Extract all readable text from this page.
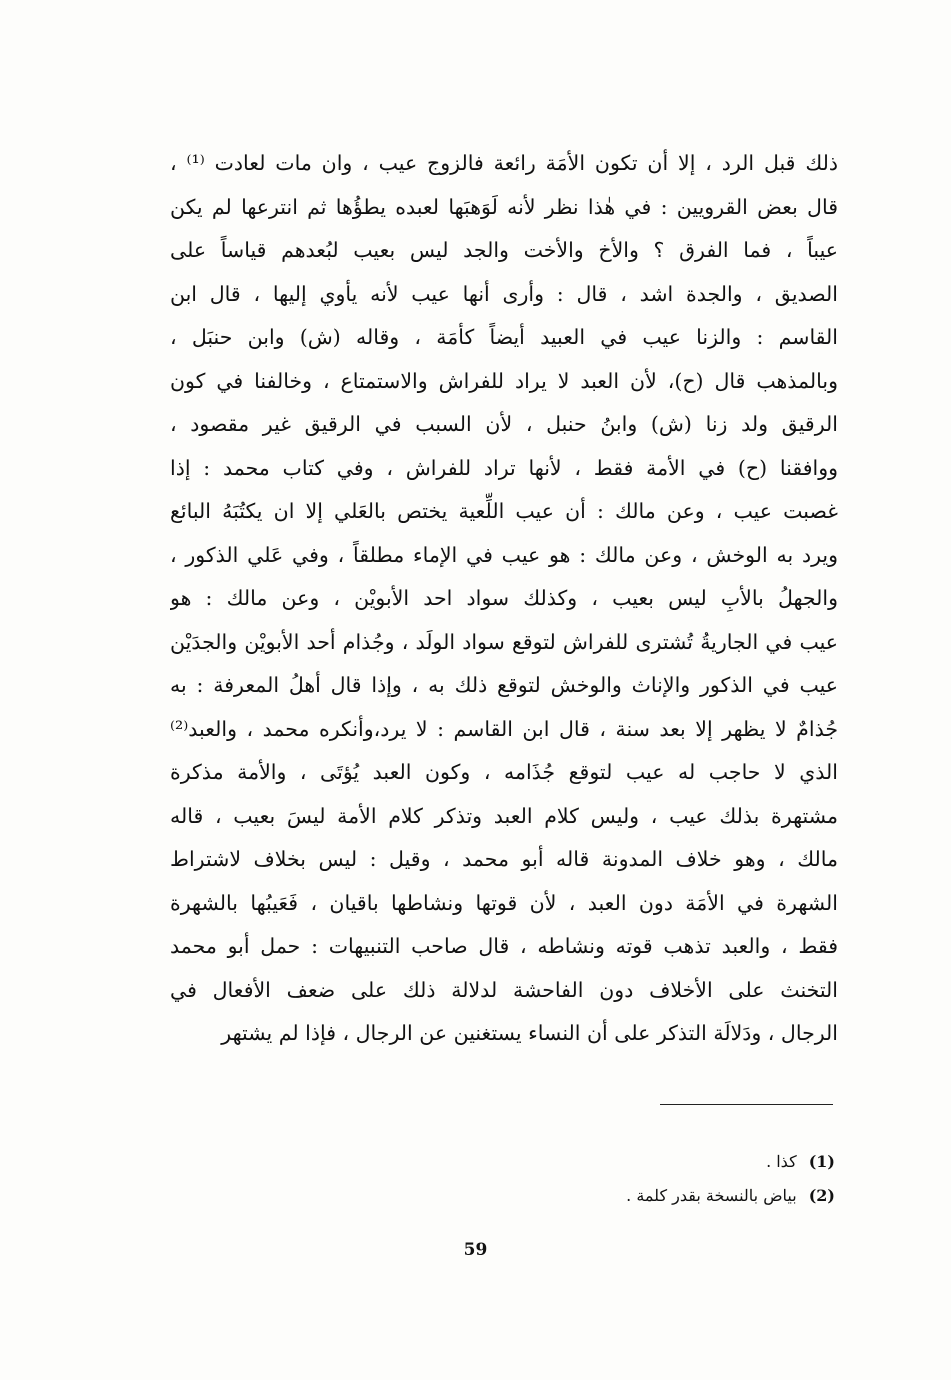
ذلك قبل الرد ، إلا أن تكون الأمَة رائعة فالزوج عيب ، وان مات لعادت ⁽¹⁾ ،
قال بعض القرويين : في هٰذا نظر لأنه لَوَهبَها لعبده يطؤُها ثم انترعها لم يكن
عيباً ، فما الفرق ؟ والأخ والأخت والجد ليس بعيب لبُعدهم قياساً على
الصديق ، والجدة اشد ، قال : وأرى أنها عيب لأنه يأوي إليها ، قال ابن
القاسم : والزنا عيب في العبيد أيضاً كأمَة ، وقاله (ش) وابن حنبَل ،
وبالمذهب قال (ح)، لأن العبد لا يراد للفراش والاستمتاع ، وخالفنا في كون
الرقيق ولد زنا (ش) وابنُ حنبل ، لأن السبب في الرقيق غير مقصود ،
ووافقنا (ح) في الأمة فقط ، لأنها تراد للفراش ، وفي كتاب محمد : إذا
غصبت عيب ، وعن مالك : أن عيب اللِّعية يختص بالعَلي إلا ان يكتُبَهُ البائع
ويرد به الوخش ، وعن مالك : هو عيب في الإماء مطلقاً ، وفي عَلي الذكور ،
والجهلُ بالأبِ ليس بعيب ، وكذلك سواد احد الأبويْن ، وعن مالك : هو
عيب في الجاريةُ تُشترى للفراش لتوقع سواد الولَد ، وجُذام أحد الأبويْن والجدَيْن
عيب في الذكور والإناث والوخش لتوقع ذلك به ، وإذا قال أهلُ المعرفة : به
جُذامٌ لا يظهر إلا بعد سنة ، قال ابن القاسم : لا يرد،وأنكره محمد ، والعبد⁽²⁾
الذي لا حاجب له عيب لتوقع جُذَامه ، وكون العبد يُؤتَى ، والأمة مذكرة
مشتهرة بذلك عيب ، وليس كلام العبد وتذكر كلام الأمة ليسَ بعيب ، قاله
مالك ، وهو خلاف المدونة قاله أبو محمد ، وقيل : ليس بخلاف لاشتراط
الشهرة في الأمَة دون العبد ، لأن قوتها ونشاطها باقيان ، فَعَيبُها بالشهرة
فقط ، والعبد تذهب قوته ونشاطه ، قال صاحب التنبيهات : حمل أبو محمد
التخنث على الأخلاف دون الفاحشة لدلالة ذلك على ضعف الأفعال في
الرجال ، ودَلالَة التذكر على أن النساء يستغنين عن الرجال ، فإذا لم يشتهر
(1)كذا .
(2)بياض بالنسخة بقدر كلمة .
59
